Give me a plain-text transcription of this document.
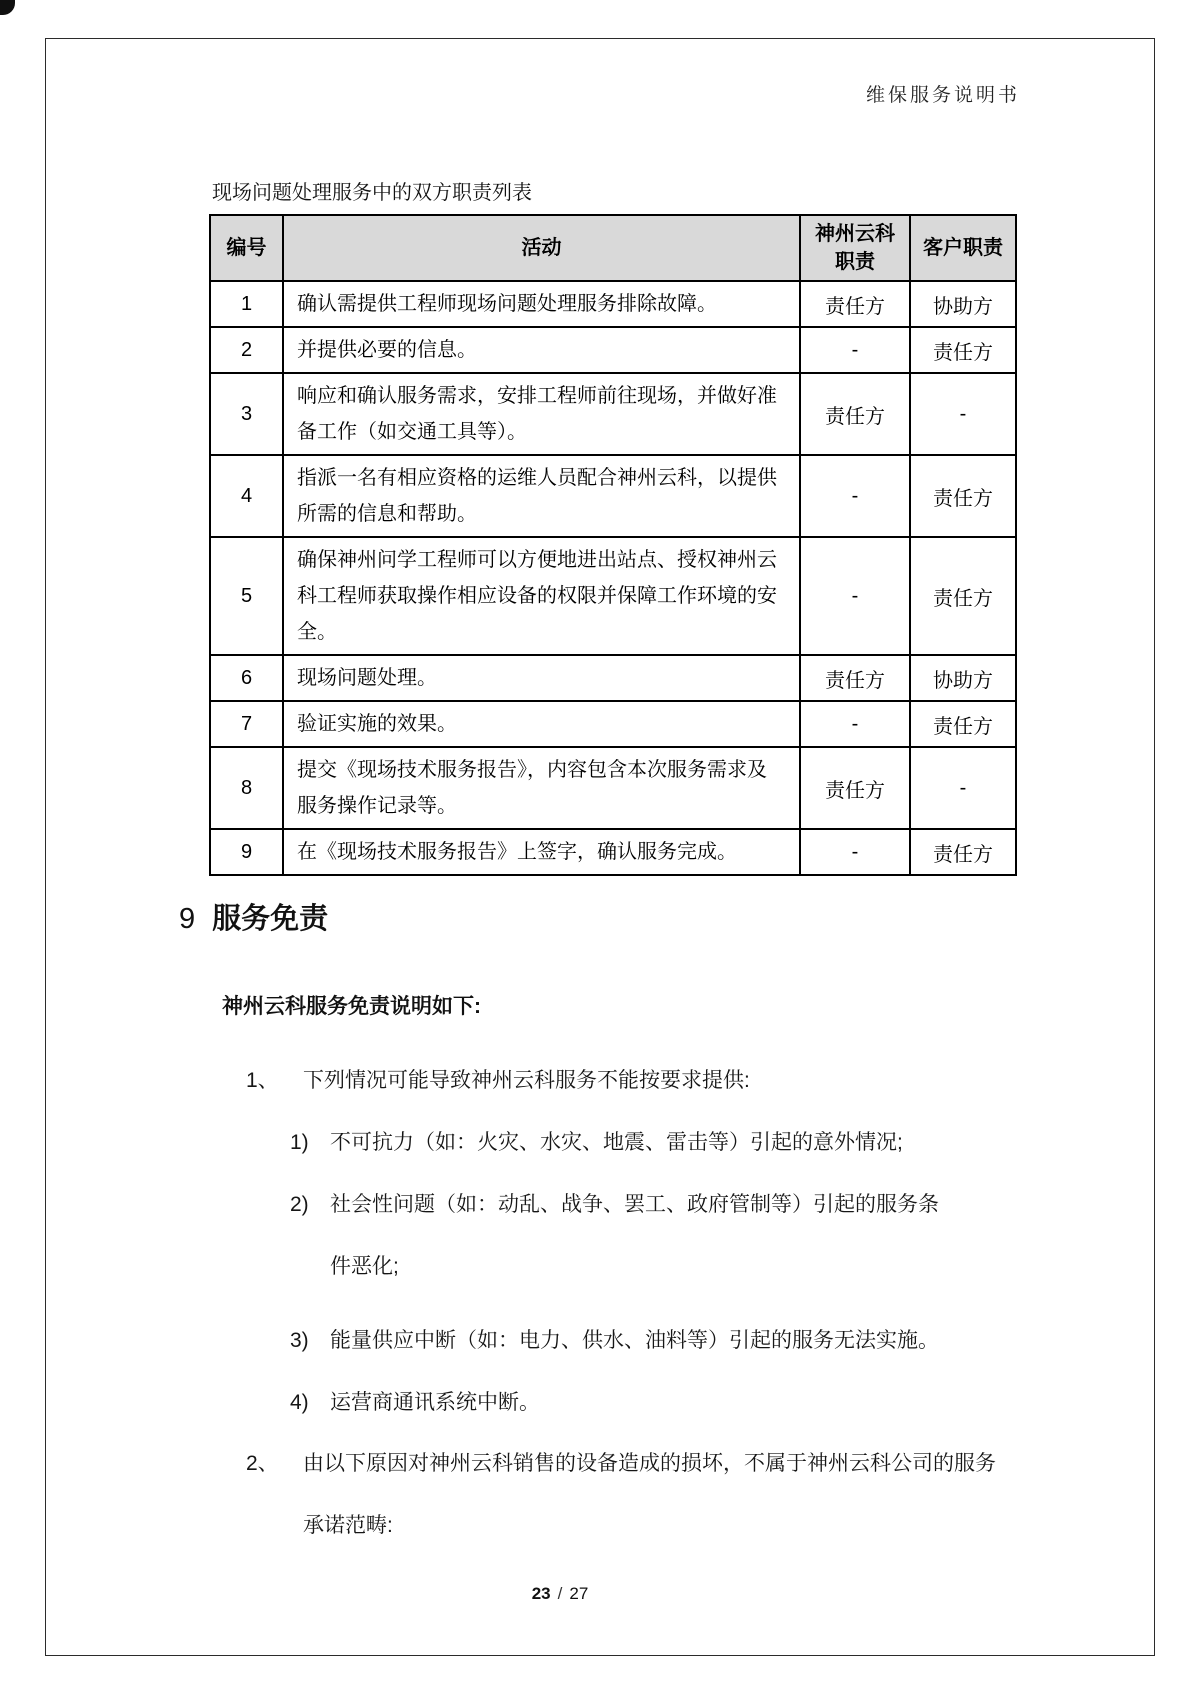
维保服务说明书
现场问题处理服务中的双方职责列表
编号	活动	神州云科职责	客户职责
1	确认需提供工程师现场问题处理服务排除故障。	责任方	协助方
2	并提供必要的信息。	-	责任方
3	响应和确认服务需求，安排工程师前往现场，并做好准备工作（如交通工具等）。	责任方	-
4	指派一名有相应资格的运维人员配合神州云科，以提供所需的信息和帮助。	-	责任方
5	确保神州问学工程师可以方便地进出站点、授权神州云科工程师获取操作相应设备的权限并保障工作环境的安全。	-	责任方
6	现场问题处理。	责任方	协助方
7	验证实施的效果。	-	责任方
8	提交《现场技术服务报告》，内容包含本次服务需求及服务操作记录等。	责任方	-
9	在《现场技术服务报告》上签字，确认服务完成。	-	责任方
9 服务免责
神州云科服务免责说明如下:
1、 下列情况可能导致神州云科服务不能按要求提供:
1) 不可抗力（如：火灾、水灾、地震、雷击等）引起的意外情况;
2) 社会性问题（如：动乱、战争、罢工、政府管制等）引起的服务条件恶化;
3) 能量供应中断（如：电力、供水、油料等）引起的服务无法实施。
4) 运营商通讯系统中断。
2、 由以下原因对神州云科销售的设备造成的损坏，不属于神州云科公司的服务承诺范畴:
23 / 27
